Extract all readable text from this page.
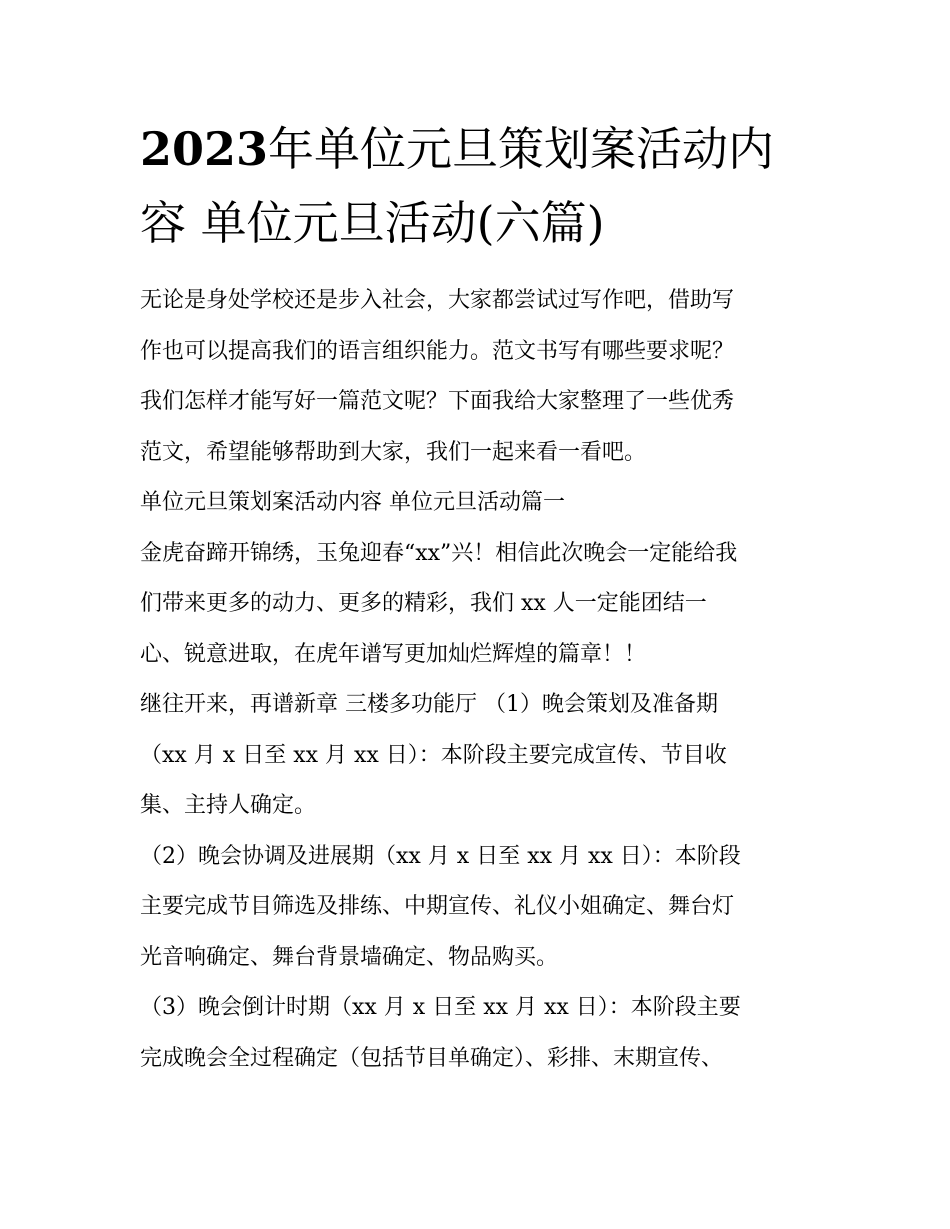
2023年单位元旦策划案活动内
容 单位元旦活动(六篇)
无论是身处学校还是步入社会，大家都尝试过写作吧，借助写
作也可以提高我们的语言组织能力。范文书写有哪些要求呢？
我们怎样才能写好一篇范文呢？下面我给大家整理了一些优秀
范文，希望能够帮助到大家，我们一起来看一看吧。
单位元旦策划案活动内容 单位元旦活动篇一
金虎奋蹄开锦绣，玉兔迎春“xx”兴！相信此次晚会一定能给我
们带来更多的动力、更多的精彩，我们 xx 人一定能团结一
心、锐意进取，在虎年谱写更加灿烂辉煌的篇章！！
继往开来，再谱新章 三楼多功能厅 （1）晚会策划及准备期
（xx 月 x 日至 xx 月 xx 日）：本阶段主要完成宣传、节目收
集、主持人确定。
（2）晚会协调及进展期（xx 月 x 日至 xx 月 xx 日）：本阶段
主要完成节目筛选及排练、中期宣传、礼仪小姐确定、舞台灯
光音响确定、舞台背景墙确定、物品购买。
（3）晚会倒计时期（xx 月 x 日至 xx 月 xx 日）：本阶段主要
完成晚会全过程确定（包括节目单确定）、彩排、末期宣传、
